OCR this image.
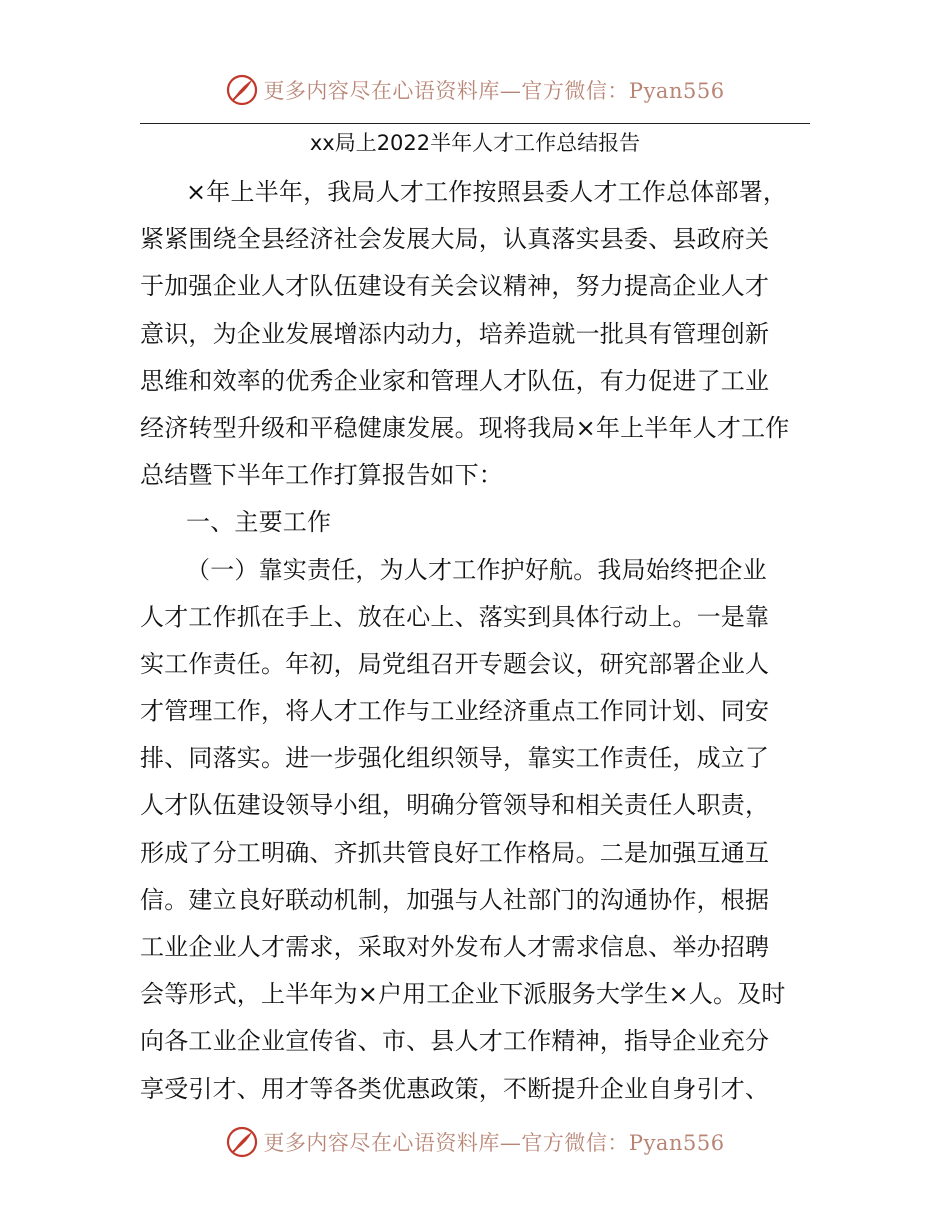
更多内容尽在心语资料库—官方微信：Pyan556
xx局上2022半年人才工作总结报告
×年上半年，我局人才工作按照县委人才工作总体部署，
紧紧围绕全县经济社会发展大局，认真落实县委、县政府关
于加强企业人才队伍建设有关会议精神，努力提高企业人才
意识，为企业发展增添内动力，培养造就一批具有管理创新
思维和效率的优秀企业家和管理人才队伍，有力促进了工业
经济转型升级和平稳健康发展。现将我局×年上半年人才工作
总结暨下半年工作打算报告如下：
一、主要工作
（一）靠实责任，为人才工作护好航。我局始终把企业
人才工作抓在手上、放在心上、落实到具体行动上。一是靠
实工作责任。年初，局党组召开专题会议，研究部署企业人
才管理工作，将人才工作与工业经济重点工作同计划、同安
排、同落实。进一步强化组织领导，靠实工作责任，成立了
人才队伍建设领导小组，明确分管领导和相关责任人职责，
形成了分工明确、齐抓共管良好工作格局。二是加强互通互
信。建立良好联动机制，加强与人社部门的沟通协作，根据
工业企业人才需求，采取对外发布人才需求信息、举办招聘
会等形式，上半年为×户用工企业下派服务大学生×人。及时
向各工业企业宣传省、市、县人才工作精神，指导企业充分
享受引才、用才等各类优惠政策，不断提升企业自身引才、
更多内容尽在心语资料库—官方微信：Pyan556
